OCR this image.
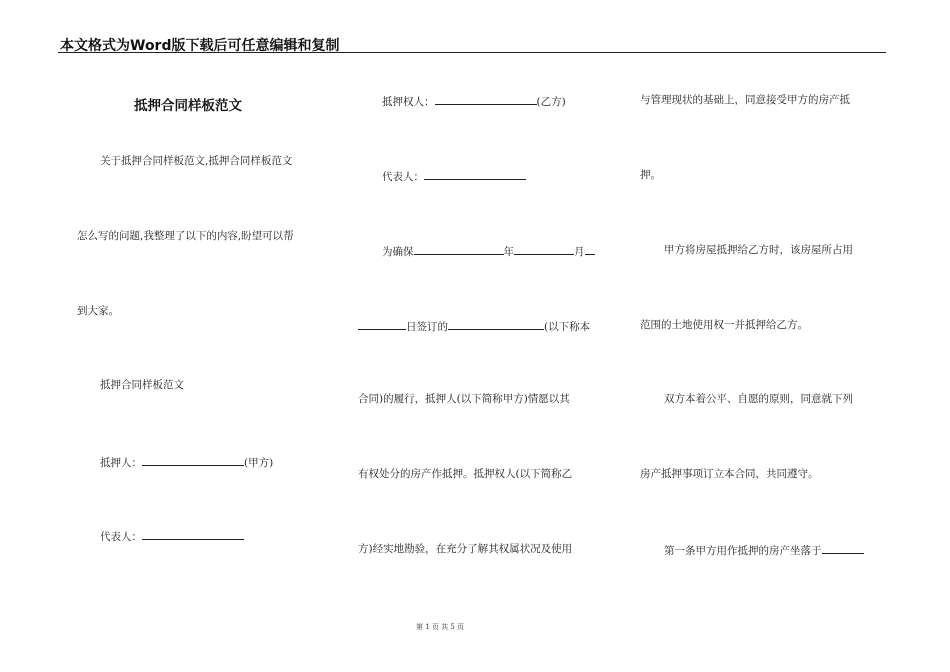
本文格式为Word版下载后可任意编辑和复制
抵押合同样板范文
关于抵押合同样板范文,抵押合同样板范文
怎么写的问题,我整理了以下的内容,盼望可以帮
到大家。
抵押合同样板范文
抵押人：	(甲方)
代表人：
抵押权人：	(乙方)
代表人：
为确保	年	月
日签订的	(以下称本
合同)的履行，抵押人(以下简称甲方)情愿以其
有权处分的房产作抵押。抵押权人(以下简称乙
方)经实地勘验，在充分了解其权属状况及使用
与管理现状的基础上，同意接受甲方的房产抵
押。
甲方将房屋抵押给乙方时，该房屋所占用
范围的土地使用权一并抵押给乙方。
双方本着公平、自愿的原则，同意就下列
房产抵押事项订立本合同，共同遵守。
第一条甲方用作抵押的房产坐落于
第 1 页 共 5 页
